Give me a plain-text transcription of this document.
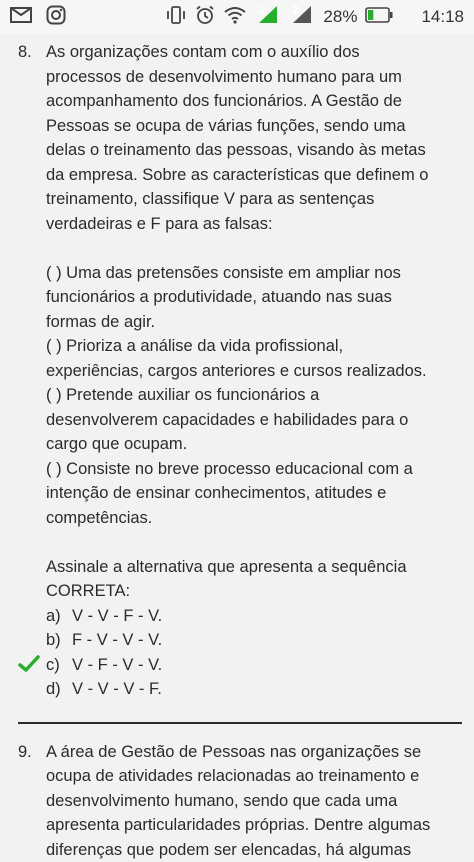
1	2 28%	14:18
8. As organizações contam com o auxílio dos
processos de desenvolvimento humano para um
acompanhamento dos funcionários. A Gestão de
Pessoas se ocupa de várias funções, sendo uma
delas o treinamento das pessoas, visando às metas
da empresa. Sobre as características que definem o
treinamento, classifique V para as sentenças
verdadeiras e F para as falsas:
( ) Uma das pretensões consiste em ampliar nos
funcionários a produtividade, atuando nas suas
formas de agir.
( ) Prioriza a análise da vida profissional,
experiências, cargos anteriores e cursos realizados.
( ) Pretende auxiliar os funcionários a
desenvolverem capacidades e habilidades para o
cargo que ocupam.
( ) Consiste no breve processo educacional com a
intenção de ensinar conhecimentos, atitudes e
competências.
Assinale a alternativa que apresenta a sequência
CORRETA:
a) V - V - F - V.
b) F - V - V - V.
c) V - F - V - V.
d) V - V - V - F.
9. A área de Gestão de Pessoas nas organizações se
ocupa de atividades relacionadas ao treinamento e
desenvolvimento humano, sendo que cada uma
apresenta particularidades próprias. Dentre algumas
diferenças que podem ser elencadas, há algumas
